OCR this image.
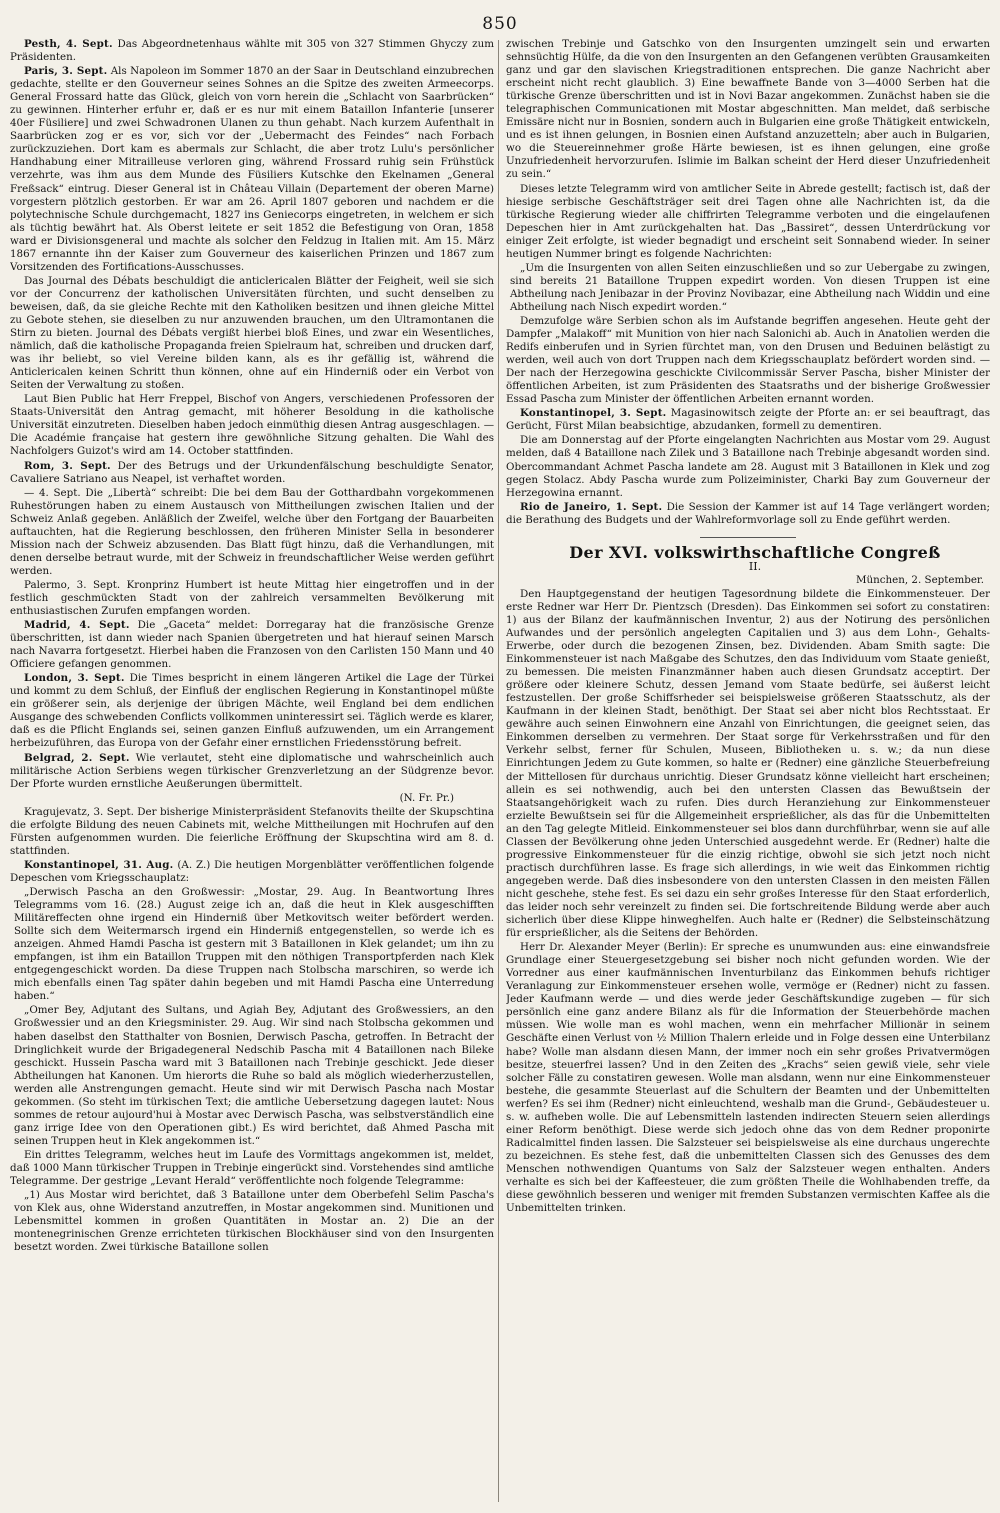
850

Pesth, 4. Sept. Das Abgeordnetenhaus wählte mit 305 von 327 Stimmen Ghyczy zum Präsidenten.

Paris, 3. Sept. Als Napoleon im Sommer 1870 an der Saar in Deutschland einzubrechen gedachte, stellte er den Gouverneur seines Sohnes an die Spitze des zweiten Armeecorps. General Frossard hatte das Glück, gleich von vorn herein die „Schlacht von Saarbrücken“ zu gewinnen. Hinterher erfuhr er, daß er es nur mit einem Bataillon Infanterie [unserer 40er Füsiliere] und zwei Schwadronen Ulanen zu thun gehabt. Nach kurzem Aufenthalt in Saarbrücken zog er es vor, sich vor der „Uebermacht des Feindes“ nach Forbach zurückzuziehen. Dort kam es abermals zur Schlacht, die aber trotz Lulu's persönlicher Handhabung einer Mitrailleuse verloren ging, während Frossard ruhig sein Frühstück verzehrte, was ihm aus dem Munde des Füsiliers Kutschke den Ekelnamen „General Freßsack“ eintrug. Dieser General ist in Château Villain (Departement der oberen Marne) vorgestern plötzlich gestorben. Er war am 26. April 1807 geboren und nachdem er die polytechnische Schule durchgemacht, 1827 ins Geniecorps eingetreten, in welchem er sich als tüchtig bewährt hat. Als Oberst leitete er seit 1852 die Befestigung von Oran, 1858 ward er Divisionsgeneral und machte als solcher den Feldzug in Italien mit. Am 15. März 1867 ernannte ihn der Kaiser zum Gouverneur des kaiserlichen Prinzen und 1867 zum Vorsitzenden des Fortifications-Ausschusses.

Das Journal des Débats beschuldigt die anticlericalen Blätter der Feigheit, weil sie sich vor der Concurrenz der katholischen Universitäten fürchten, und sucht denselben zu beweisen, daß, da sie gleiche Rechte mit den Katholiken besitzen und ihnen gleiche Mittel zu Gebote stehen, sie dieselben zu nur anzuwenden brauchen, um den Ultramontanen die Stirn zu bieten. Journal des Débats vergißt hierbei bloß Eines, und zwar ein Wesentliches, nämlich, daß die katholische Propaganda freien Spielraum hat, schreiben und drucken darf, was ihr beliebt, so viel Vereine bilden kann, als es ihr gefällig ist, während die Anticlericalen keinen Schritt thun können, ohne auf ein Hinderniß oder ein Verbot von Seiten der Verwaltung zu stoßen.

Laut Bien Public hat Herr Freppel, Bischof von Angers, verschiedenen Professoren der Staats-Universität den Antrag gemacht, mit höherer Besoldung in die katholische Universität einzutreten. Dieselben haben jedoch einmüthig diesen Antrag ausgeschlagen. — Die Académie française hat gestern ihre gewöhnliche Sitzung gehalten. Die Wahl des Nachfolgers Guizot's wird am 14. October stattfinden.

Rom, 3. Sept. Der des Betrugs und der Urkundenfälschung beschuldigte Senator, Cavaliere Satriano aus Neapel, ist verhaftet worden.

— 4. Sept. Die „Libertà“ schreibt: Die bei dem Bau der Gotthardbahn vorgekommenen Ruhestörungen haben zu einem Austausch von Mittheilungen zwischen Italien und der Schweiz Anlaß gegeben. Anläßlich der Zweifel, welche über den Fortgang der Bauarbeiten auftauchten, hat die Regierung beschlossen, den früheren Minister Sella in besonderer Mission nach der Schweiz abzusenden. Das Blatt fügt hinzu, daß die Verhandlungen, mit denen derselbe betraut wurde, mit der Schweiz in freundschaftlicher Weise werden geführt werden.

Palermo, 3. Sept. Kronprinz Humbert ist heute Mittag hier eingetroffen und in der festlich geschmückten Stadt von der zahlreich versammelten Bevölkerung mit enthusiastischen Zurufen empfangen worden.

Madrid, 4. Sept. Die „Gaceta“ meldet: Dorregaray hat die französische Grenze überschritten, ist dann wieder nach Spanien übergetreten und hat hierauf seinen Marsch nach Navarra fortgesetzt. Hierbei haben die Franzosen von den Carlisten 150 Mann und 40 Officiere gefangen genommen.

London, 3. Sept. Die Times bespricht in einem längeren Artikel die Lage der Türkei und kommt zu dem Schluß, der Einfluß der englischen Regierung in Konstantinopel müßte ein größerer sein, als derjenige der übrigen Mächte, weil England bei dem endlichen Ausgange des schwebenden Conflicts vollkommen uninteressirt sei. Täglich werde es klarer, daß es die Pflicht Englands sei, seinen ganzen Einfluß aufzuwenden, um ein Arrangement herbeizuführen, das Europa von der Gefahr einer ernstlichen Friedensstörung befreit.

Belgrad, 2. Sept. Wie verlautet, steht eine diplomatische und wahrscheinlich auch militärische Action Serbiens wegen türkischer Grenzverletzung an der Südgrenze bevor. Der Pforte wurden ernstliche Aeußerungen übermittelt.

(N. Fr. Pr.)

Kragujevatz, 3. Sept. Der bisherige Ministerpräsident Stefanovits theilte der Skupschtina die erfolgte Bildung des neuen Cabinets mit, welche Mittheilungen mit Hochrufen auf den Fürsten aufgenommen wurden. Die feierliche Eröffnung der Skupschtina wird am 8. d. stattfinden.

Konstantinopel, 31. Aug. (A. Z.) Die heutigen Morgenblätter veröffentlichen folgende Depeschen vom Kriegsschauplatz:

„Derwisch Pascha an den Großwessir: „Mostar, 29. Aug. In Beantwortung Ihres Telegramms vom 16. (28.) August zeige ich an, daß die heut in Klek ausgeschifften Militäreffecten ohne irgend ein Hinderniß über Metkovitsch weiter befördert werden. Sollte sich dem Weitermarsch irgend ein Hinderniß entgegenstellen, so werde ich es anzeigen. Ahmed Hamdi Pascha ist gestern mit 3 Bataillonen in Klek gelandet; um ihn zu empfangen, ist ihm ein Bataillon Truppen mit den nöthigen Transportpferden nach Klek entgegengeschickt worden. Da diese Truppen nach Stolbscha marschiren, so werde ich mich ebenfalls einen Tag später dahin begeben und mit Hamdi Pascha eine Unterredung haben.“

„Omer Bey, Adjutant des Sultans, und Agiah Bey, Adjutant des Großwessiers, an den Großwessier und an den Kriegsminister. 29. Aug. Wir sind nach Stolbscha gekommen und haben daselbst den Statthalter von Bosnien, Derwisch Pascha, getroffen. In Betracht der Dringlichkeit wurde der Brigadegeneral Nedschib Pascha mit 4 Bataillonen nach Bileke geschickt. Hussein Pascha ward mit 3 Bataillonen nach Trebinje geschickt. Jede dieser Abtheilungen hat Kanonen. Um hierorts die Ruhe so bald als möglich wiederherzustellen, werden alle Anstrengungen gemacht. Heute sind wir mit Derwisch Pascha nach Mostar gekommen. (So steht im türkischen Text; die amtliche Uebersetzung dagegen lautet: Nous sommes de retour aujourd'hui à Mostar avec Derwisch Pascha, was selbstverständlich eine ganz irrige Idee von den Operationen gibt.) Es wird berichtet, daß Ahmed Pascha mit seinen Truppen heut in Klek angekommen ist.“

Ein drittes Telegramm, welches heut im Laufe des Vormittags angekommen ist, meldet, daß 1000 Mann türkischer Truppen in Trebinje eingerückt sind. Vorstehendes sind amtliche Telegramme. Der gestrige „Levant Herald“ veröffentlichte noch folgende Telegramme:

„1) Aus Mostar wird berichtet, daß 3 Bataillone unter dem Oberbefehl Selim Pascha's von Klek aus, ohne Widerstand anzutreffen, in Mostar angekommen sind. Munitionen und Lebensmittel kommen in großen Quantitäten in Mostar an. 2) Die an der montenegrinischen Grenze errichteten türkischen Blockhäuser sind von den Insurgenten besetzt worden. Zwei türkische Bataillone sollen

zwischen Trebinje und Gatschko von den Insurgenten umzingelt sein und erwarten sehnsüchtig Hülfe, da die von den Insurgenten an den Gefangenen verübten Grausamkeiten ganz und gar den slavischen Kriegstraditionen entsprechen. Die ganze Nachricht aber erscheint nicht recht glaublich. 3) Eine bewaffnete Bande von 3—4000 Serben hat die türkische Grenze überschritten und ist in Novi Bazar angekommen. Zunächst haben sie die telegraphischen Communicationen mit Mostar abgeschnitten. Man meldet, daß serbische Emissäre nicht nur in Bosnien, sondern auch in Bulgarien eine große Thätigkeit entwickeln, und es ist ihnen gelungen, in Bosnien einen Aufstand anzuzetteln; aber auch in Bulgarien, wo die Steuereinnehmer große Härte bewiesen, ist es ihnen gelungen, eine große Unzufriedenheit hervorzurufen. Islimie im Balkan scheint der Herd dieser Unzufriedenheit zu sein.“

Dieses letzte Telegramm wird von amtlicher Seite in Abrede gestellt; factisch ist, daß der hiesige serbische Geschäftsträger seit drei Tagen ohne alle Nachrichten ist, da die türkische Regierung wieder alle chiffrirten Telegramme verboten und die eingelaufenen Depeschen hier in Amt zurückgehalten hat. Das „Bassiret“, dessen Unterdrückung vor einiger Zeit erfolgte, ist wieder begnadigt und erscheint seit Sonnabend wieder. In seiner heutigen Nummer bringt es folgende Nachrichten:

„Um die Insurgenten von allen Seiten einzuschließen und so zur Uebergabe zu zwingen, sind bereits 21 Bataillone Truppen expedirt worden. Von diesen Truppen ist eine Abtheilung nach Jenibazar in der Provinz Novibazar, eine Abtheilung nach Widdin und eine Abtheilung nach Nisch expedirt worden.“

Demzufolge wäre Serbien schon als im Aufstande begriffen angesehen. Heute geht der Dampfer „Malakoff“ mit Munition von hier nach Salonichi ab. Auch in Anatolien werden die Redifs einberufen und in Syrien fürchtet man, von den Drusen und Beduinen belästigt zu werden, weil auch von dort Truppen nach dem Kriegsschauplatz befördert worden sind. — Der nach der Herzegowina geschickte Civilcommissär Server Pascha, bisher Minister der öffentlichen Arbeiten, ist zum Präsidenten des Staatsraths und der bisherige Großwessier Essad Pascha zum Minister der öffentlichen Arbeiten ernannt worden.

Konstantinopel, 3. Sept. Magasinowitsch zeigte der Pforte an: er sei beauftragt, das Gerücht, Fürst Milan beabsichtige, abzudanken, formell zu dementiren.

Die am Donnerstag auf der Pforte eingelangten Nachrichten aus Mostar vom 29. August melden, daß 4 Bataillone nach Zilek und 3 Bataillone nach Trebinje abgesandt worden sind. Obercommandant Achmet Pascha landete am 28. August mit 3 Bataillonen in Klek und zog gegen Stolacz. Abdy Pascha wurde zum Polizeiminister, Charki Bay zum Gouverneur der Herzegowina ernannt.

Rio de Janeiro, 1. Sept. Die Session der Kammer ist auf 14 Tage verlängert worden; die Berathung des Budgets und der Wahlreformvorlage soll zu Ende geführt werden.

Der XVI. volkswirthschaftliche Congreß

II.

München, 2. September.

Den Hauptgegenstand der heutigen Tagesordnung bildete die Einkommensteuer. Der erste Redner war Herr Dr. Pientzsch (Dresden). Das Einkommen sei sofort zu constatiren: 1) aus der Bilanz der kaufmännischen Inventur, 2) aus der Notirung des persönlichen Aufwandes und der persönlich angelegten Capitalien und 3) aus dem Lohn-, Gehalts-Erwerbe, oder durch die bezogenen Zinsen, bez. Dividenden. Abam Smith sagte: Die Einkommensteuer ist nach Maßgabe des Schutzes, den das Individuum vom Staate genießt, zu bemessen. Die meisten Finanzmänner haben auch diesen Grundsatz acceptirt. Der größere oder kleinere Schutz, dessen Jemand vom Staate bedürfe, sei äußerst leicht festzustellen. Der große Schiffsrheder sei beispielsweise größeren Staatsschutz, als der Kaufmann in der kleinen Stadt, benöthigt. Der Staat sei aber nicht blos Rechtsstaat. Er gewähre auch seinen Einwohnern eine Anzahl von Einrichtungen, die geeignet seien, das Einkommen derselben zu vermehren. Der Staat sorge für Verkehrsstraßen und für den Verkehr selbst, ferner für Schulen, Museen, Bibliotheken u. s. w.; da nun diese Einrichtungen Jedem zu Gute kommen, so halte er (Redner) eine gänzliche Steuerbefreiung der Mittellosen für durchaus unrichtig. Dieser Grundsatz könne vielleicht hart erscheinen; allein es sei nothwendig, auch bei den untersten Classen das Bewußtsein der Staatsangehörigkeit wach zu rufen. Dies durch Heranziehung zur Einkommensteuer erzielte Bewußtsein sei für die Allgemeinheit ersprießlicher, als das für die Unbemittelten an den Tag gelegte Mitleid. Einkommensteuer sei blos dann durchführbar, wenn sie auf alle Classen der Bevölkerung ohne jeden Unterschied ausgedehnt werde. Er (Redner) halte die progressive Einkommensteuer für die einzig richtige, obwohl sie sich jetzt noch nicht practisch durchführen lasse. Es frage sich allerdings, in wie weit das Einkommen richtig angegeben werde. Daß dies insbesondere von den untersten Classen in den meisten Fällen nicht geschehe, stehe fest. Es sei dazu ein sehr großes Interesse für den Staat erforderlich, das leider noch sehr vereinzelt zu finden sei. Die fortschreitende Bildung werde aber auch sicherlich über diese Klippe hinweghelfen. Auch halte er (Redner) die Selbsteinschätzung für ersprießlicher, als die Seitens der Behörden.

Herr Dr. Alexander Meyer (Berlin): Er spreche es unumwunden aus: eine einwandsfreie Grundlage einer Steuergesetzgebung sei bisher noch nicht gefunden worden. Wie der Vorredner aus einer kaufmännischen Inventurbilanz das Einkommen behufs richtiger Veranlagung zur Einkommensteuer ersehen wolle, vermöge er (Redner) nicht zu fassen. Jeder Kaufmann werde — und dies werde jeder Geschäftskundige zugeben — für sich persönlich eine ganz andere Bilanz als für die Information der Steuerbehörde machen müssen. Wie wolle man es wohl machen, wenn ein mehrfacher Millionär in seinem Geschäfte einen Verlust von ½ Million Thalern erleide und in Folge dessen eine Unterbilanz habe? Wolle man alsdann diesen Mann, der immer noch ein sehr großes Privatvermögen besitze, steuerfrei lassen? Und in den Zeiten des „Krachs“ seien gewiß viele, sehr viele solcher Fälle zu constatiren gewesen. Wolle man alsdann, wenn nur eine Einkommensteuer bestehe, die gesammte Steuerlast auf die Schultern der Beamten und der Unbemittelten werfen? Es sei ihm (Redner) nicht einleuchtend, weshalb man die Grund-, Gebäudesteuer u. s. w. aufheben wolle. Die auf Lebensmitteln lastenden indirecten Steuern seien allerdings einer Reform benöthigt. Diese werde sich jedoch ohne das von dem Redner proponirte Radicalmittel finden lassen. Die Salzsteuer sei beispielsweise als eine durchaus ungerechte zu bezeichnen. Es stehe fest, daß die unbemittelten Classen sich des Genusses des dem Menschen nothwendigen Quantums von Salz der Salzsteuer wegen enthalten. Anders verhalte es sich bei der Kaffeesteuer, die zum größten Theile die Wohlhabenden treffe, da diese gewöhnlich besseren und weniger mit fremden Substanzen vermischten Kaffee als die Unbemittelten trinken.
